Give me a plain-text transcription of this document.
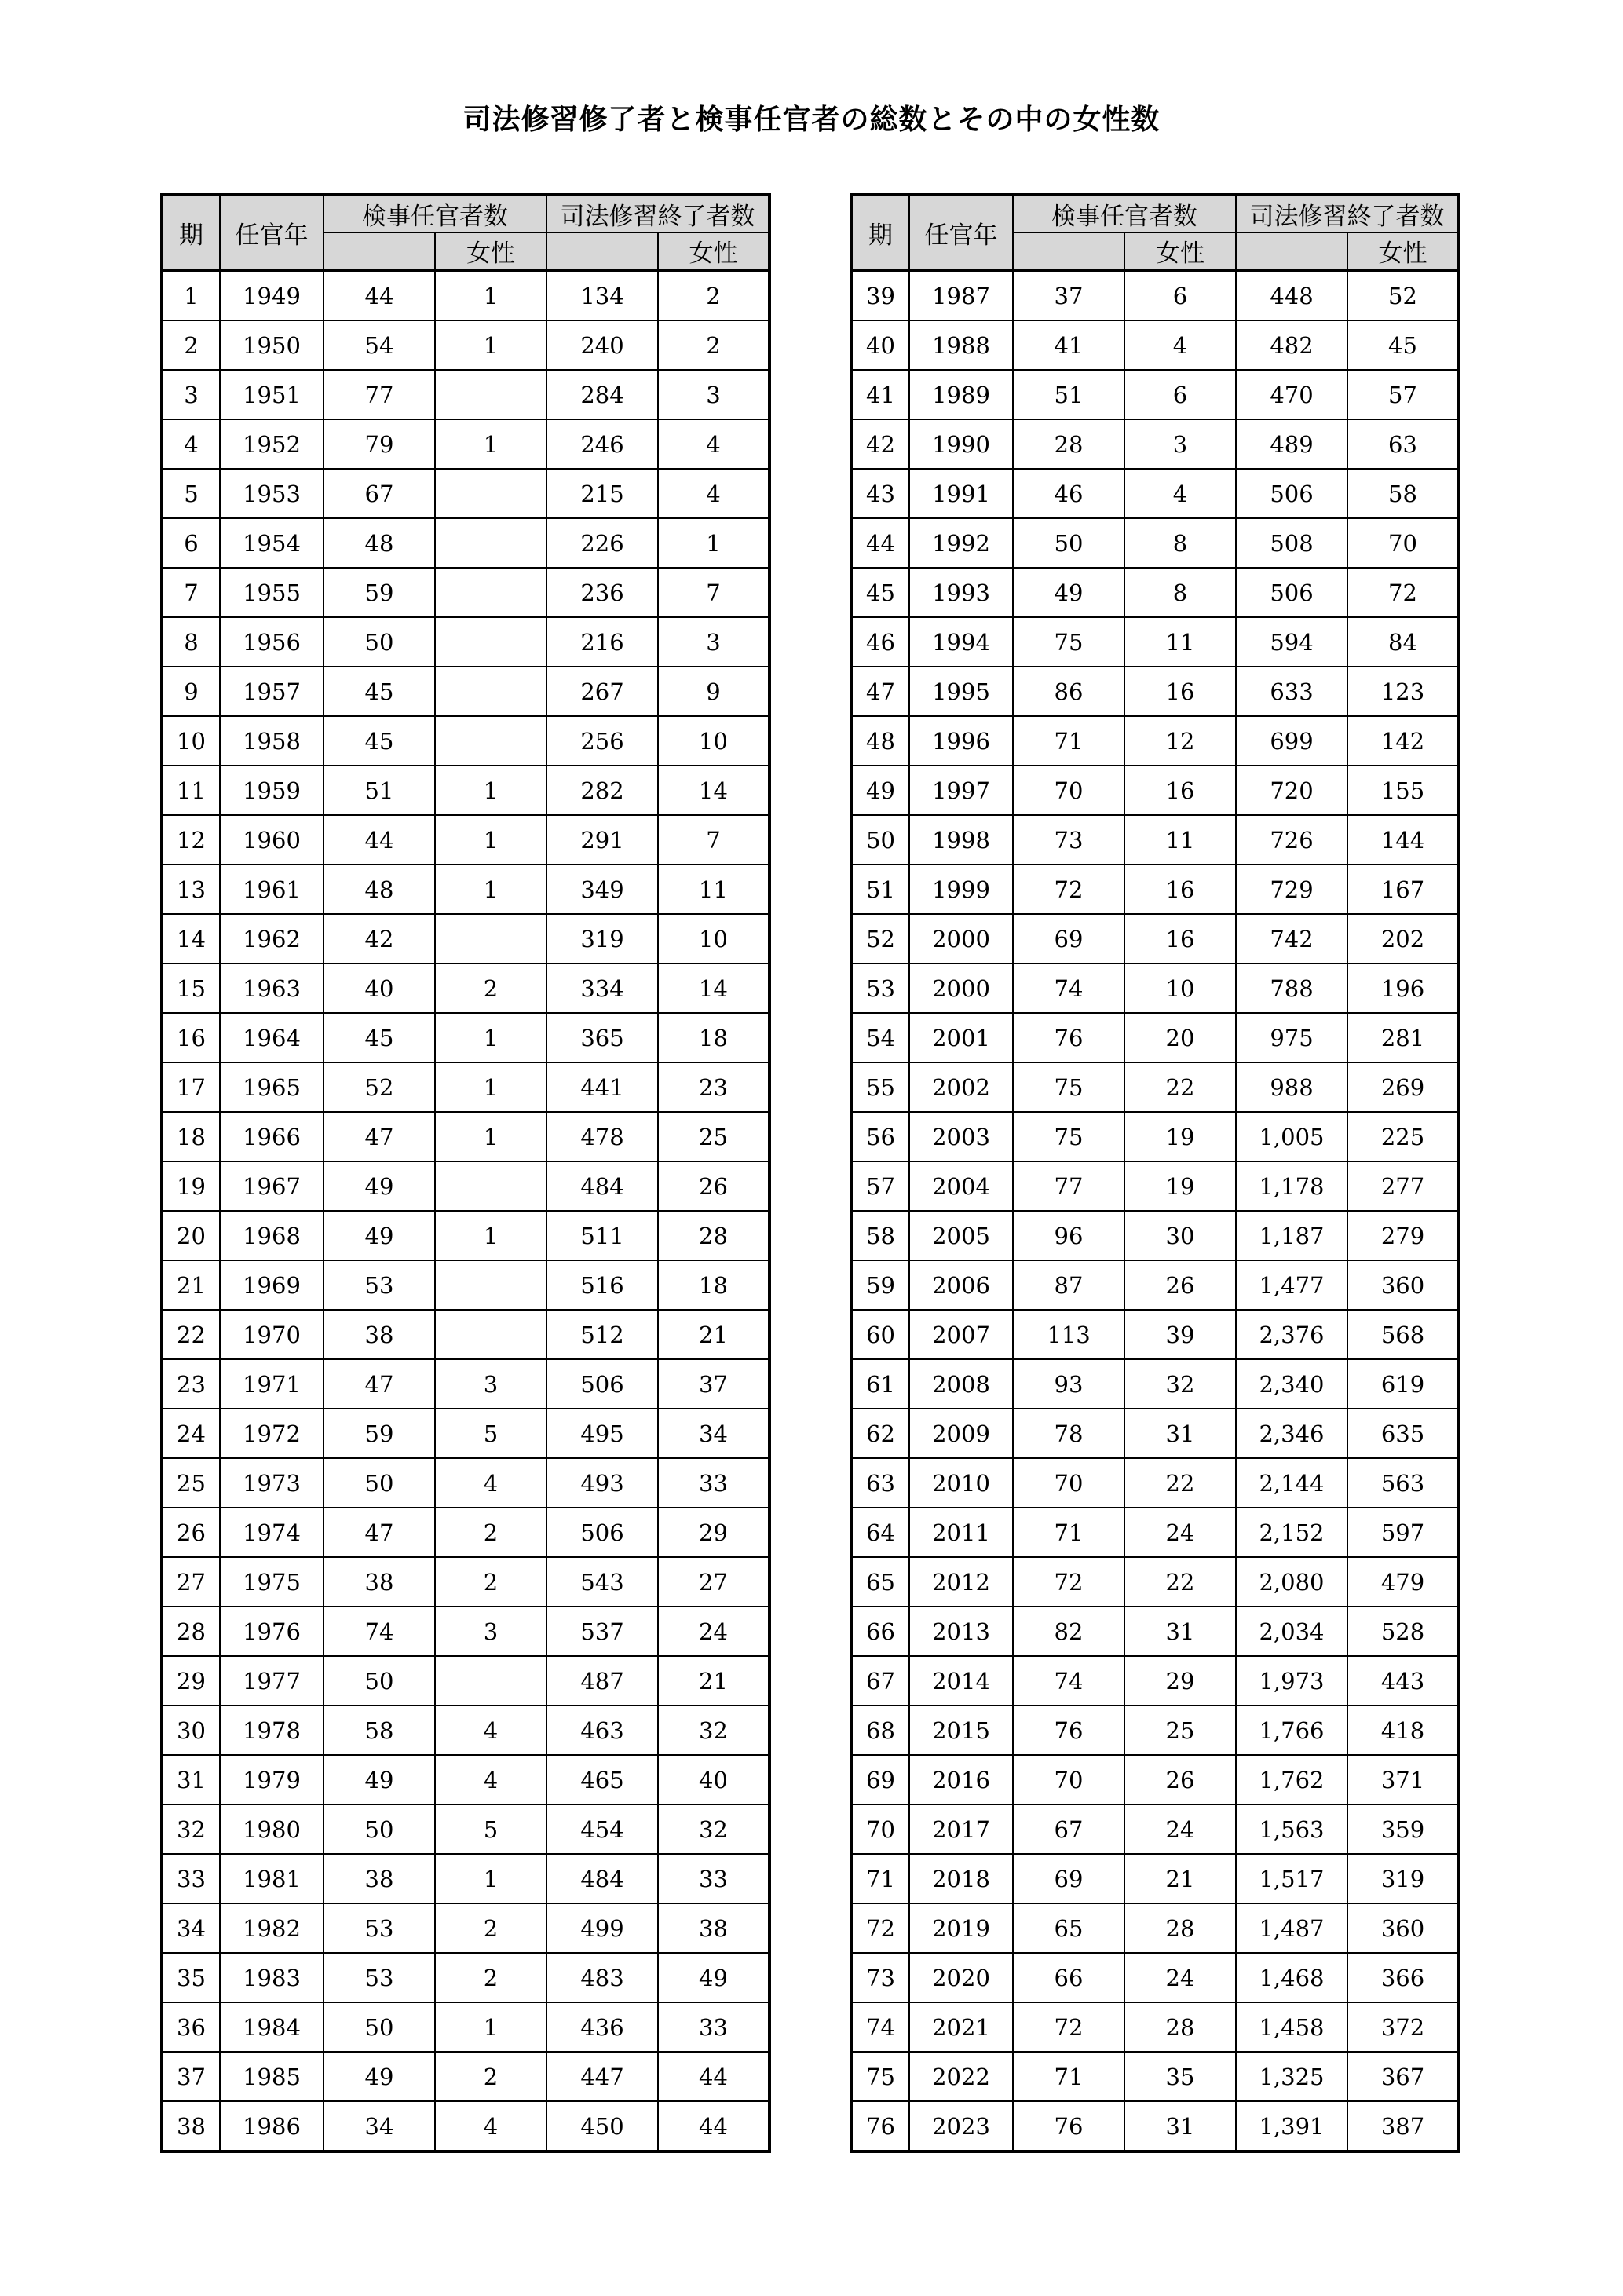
司法修習修了者と検事任官者の総数とその中の女性数
期	任官年	検事任官者数		司法修習終了者数	
			女性		女性
1	1949	44	1	134	2
2	1950	54	1	240	2
3	1951	77		284	3
4	1952	79	1	246	4
5	1953	67		215	4
6	1954	48		226	1
7	1955	59		236	7
8	1956	50		216	3
9	1957	45		267	9
10	1958	45		256	10
11	1959	51	1	282	14
12	1960	44	1	291	7
13	1961	48	1	349	11
14	1962	42		319	10
15	1963	40	2	334	14
16	1964	45	1	365	18
17	1965	52	1	441	23
18	1966	47	1	478	25
19	1967	49		484	26
20	1968	49	1	511	28
21	1969	53		516	18
22	1970	38		512	21
23	1971	47	3	506	37
24	1972	59	5	495	34
25	1973	50	4	493	33
26	1974	47	2	506	29
27	1975	38	2	543	27
28	1976	74	3	537	24
29	1977	50		487	21
30	1978	58	4	463	32
31	1979	49	4	465	40
32	1980	50	5	454	32
33	1981	38	1	484	33
34	1982	53	2	499	38
35	1983	53	2	483	49
36	1984	50	1	436	33
37	1985	49	2	447	44
38	1986	34	4	450	44
期	任官年	検事任官者数		司法修習終了者数	
			女性		女性
39	1987	37	6	448	52
40	1988	41	4	482	45
41	1989	51	6	470	57
42	1990	28	3	489	63
43	1991	46	4	506	58
44	1992	50	8	508	70
45	1993	49	8	506	72
46	1994	75	11	594	84
47	1995	86	16	633	123
48	1996	71	12	699	142
49	1997	70	16	720	155
50	1998	73	11	726	144
51	1999	72	16	729	167
52	2000	69	16	742	202
53	2000	74	10	788	196
54	2001	76	20	975	281
55	2002	75	22	988	269
56	2003	75	19	1,005	225
57	2004	77	19	1,178	277
58	2005	96	30	1,187	279
59	2006	87	26	1,477	360
60	2007	113	39	2,376	568
61	2008	93	32	2,340	619
62	2009	78	31	2,346	635
63	2010	70	22	2,144	563
64	2011	71	24	2,152	597
65	2012	72	22	2,080	479
66	2013	82	31	2,034	528
67	2014	74	29	1,973	443
68	2015	76	25	1,766	418
69	2016	70	26	1,762	371
70	2017	67	24	1,563	359
71	2018	69	21	1,517	319
72	2019	65	28	1,487	360
73	2020	66	24	1,468	366
74	2021	72	28	1,458	372
75	2022	71	35	1,325	367
76	2023	76	31	1,391	387
